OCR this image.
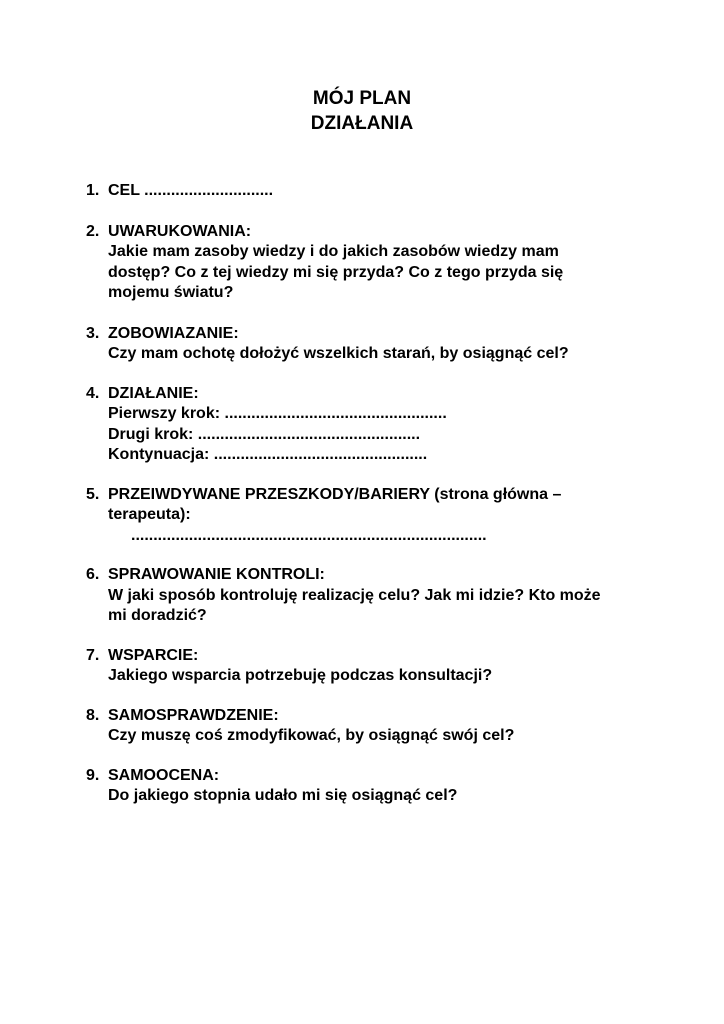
MÓJ PLAN
DZIAŁANIA
1. CEL .............................
2. UWARUKOWANIA:
Jakie mam zasoby wiedzy i do jakich zasobów wiedzy mam
dostęp? Co z tej wiedzy mi się przyda? Co z tego przyda się
mojemu światu?
3. ZOBOWIAZANIE:
Czy mam ochotę dołożyć wszelkich starań, by osiągnąć cel?
4. DZIAŁANIE:
Pierwszy krok: ..................................................
Drugi krok: ..................................................
Kontynuacja: ................................................
5. PRZEIWDYWANE PRZESZKODY/BARIERY (strona główna –
terapeuta):
................................................................................
6. SPRAWOWANIE KONTROLI:
W jaki sposób kontroluję realizację celu? Jak mi idzie? Kto może
mi doradzić?
7. WSPARCIE:
Jakiego wsparcia potrzebuję podczas konsultacji?
8. SAMOSPRAWDZENIE:
Czy muszę coś zmodyfikować, by osiągnąć swój cel?
9. SAMOOCENA:
Do jakiego stopnia udało mi się osiągnąć cel?
